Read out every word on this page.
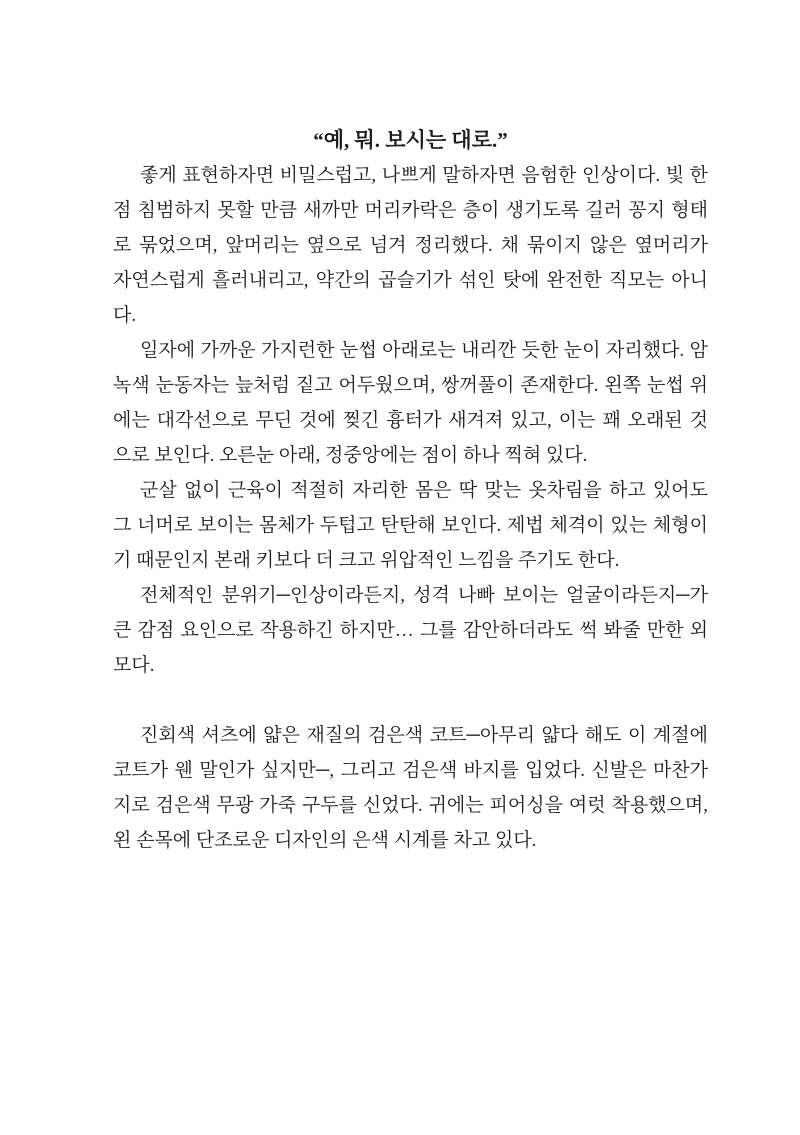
“예, 뭐. 보시는 대로.”
좋게 표현하자면 비밀스럽고, 나쁘게 말하자면 음험한 인상이다. 빛 한
점 침범하지 못할 만큼 새까만 머리카락은 층이 생기도록 길러 꽁지 형태
로 묶었으며, 앞머리는 옆으로 넘겨 정리했다. 채 묶이지 않은 옆머리가
자연스럽게 흘러내리고, 약간의 곱슬기가 섞인 탓에 완전한 직모는 아니
다.
일자에 가까운 가지런한 눈썹 아래로는 내리깐 듯한 눈이 자리했다. 암
녹색 눈동자는 늪처럼 짙고 어두웠으며, 쌍꺼풀이 존재한다. 왼쪽 눈썹 위
에는 대각선으로 무딘 것에 찢긴 흉터가 새겨져 있고, 이는 꽤 오래된 것
으로 보인다. 오른눈 아래, 정중앙에는 점이 하나 찍혀 있다.
군살 없이 근육이 적절히 자리한 몸은 딱 맞는 옷차림을 하고 있어도
그 너머로 보이는 몸체가 두텁고 탄탄해 보인다. 제법 체격이 있는 체형이
기 때문인지 본래 키보다 더 크고 위압적인 느낌을 주기도 한다.
전체적인 분위기─인상이라든지, 성격 나빠 보이는 얼굴이라든지─가
큰 감점 요인으로 작용하긴 하지만… 그를 감안하더라도 썩 봐줄 만한 외
모다.
진회색 셔츠에 얇은 재질의 검은색 코트─아무리 얇다 해도 이 계절에
코트가 웬 말인가 싶지만─, 그리고 검은색 바지를 입었다. 신발은 마찬가
지로 검은색 무광 가죽 구두를 신었다. 귀에는 피어싱을 여럿 착용했으며,
왼 손목에 단조로운 디자인의 은색 시계를 차고 있다.
